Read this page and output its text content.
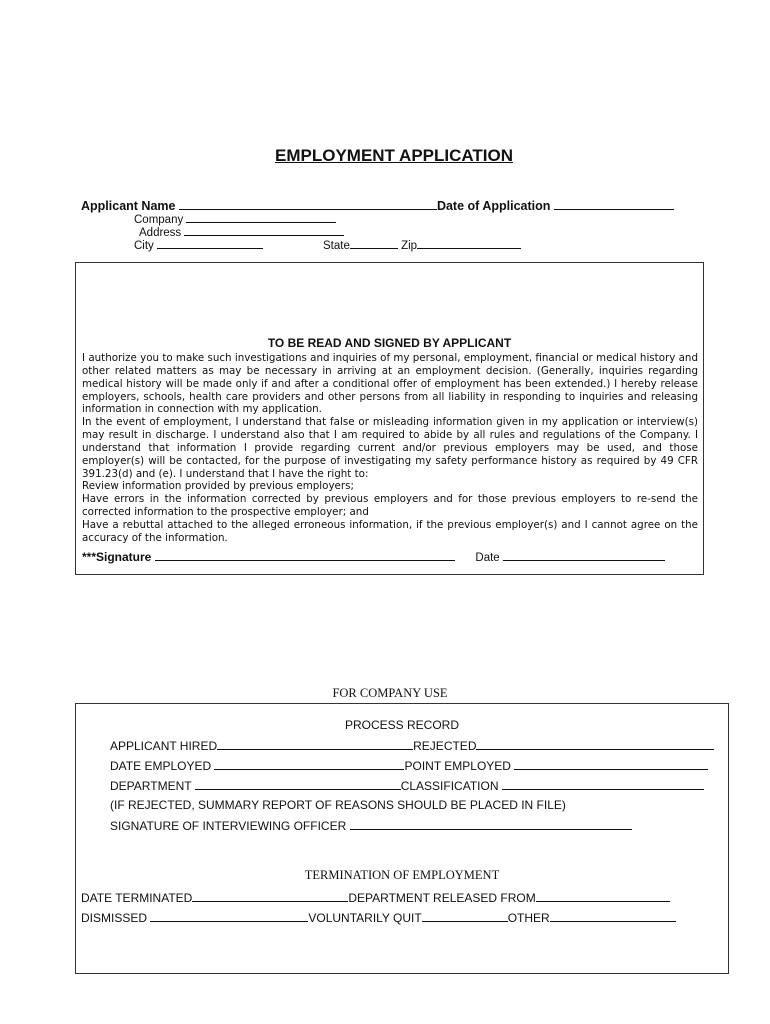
EMPLOYMENT APPLICATION
Applicant Name	Date of Application
Company
Address
City	State	Zip
TO BE READ AND SIGNED BY APPLICANT

I authorize you to make such investigations and inquiries of my personal, employment, financial or medical history and other related matters as may be necessary in arriving at an employment decision. (Generally, inquiries regarding medical history will be made only if and after a conditional offer of employment has been extended.) I hereby release employers, schools, health care providers and other persons from all liability in responding to inquiries and releasing information in connection with my application.

In the event of employment, I understand that false or misleading information given in my application or interview(s) may result in discharge. I understand also that I am required to abide by all rules and regulations of the Company. I understand that information I provide regarding current and/or previous employers may be used, and those employer(s) will be contacted, for the purpose of investigating my safety performance history as required by 49 CFR 391.23(d) and (e). I understand that I have the right to:

Review information provided by previous employers;

Have errors in the information corrected by previous employers and for those previous employers to re-send the corrected information to the prospective employer; and

Have a rebuttal attached to the alleged erroneous information, if the previous employer(s) and I cannot agree on the accuracy of the information.

***Signature	Date
FOR COMPANY USE
PROCESS RECORD
APPLICANT HIRED	REJECTED
DATE EMPLOYED	POINT EMPLOYED
DEPARTMENT	CLASSIFICATION
(IF REJECTED, SUMMARY REPORT OF REASONS SHOULD BE PLACED IN FILE)
SIGNATURE OF INTERVIEWING OFFICER
TERMINATION OF EMPLOYMENT
DATE TERMINATED	DEPARTMENT RELEASED FROM
DISMISSED	VOLUNTARILY QUIT	OTHER
